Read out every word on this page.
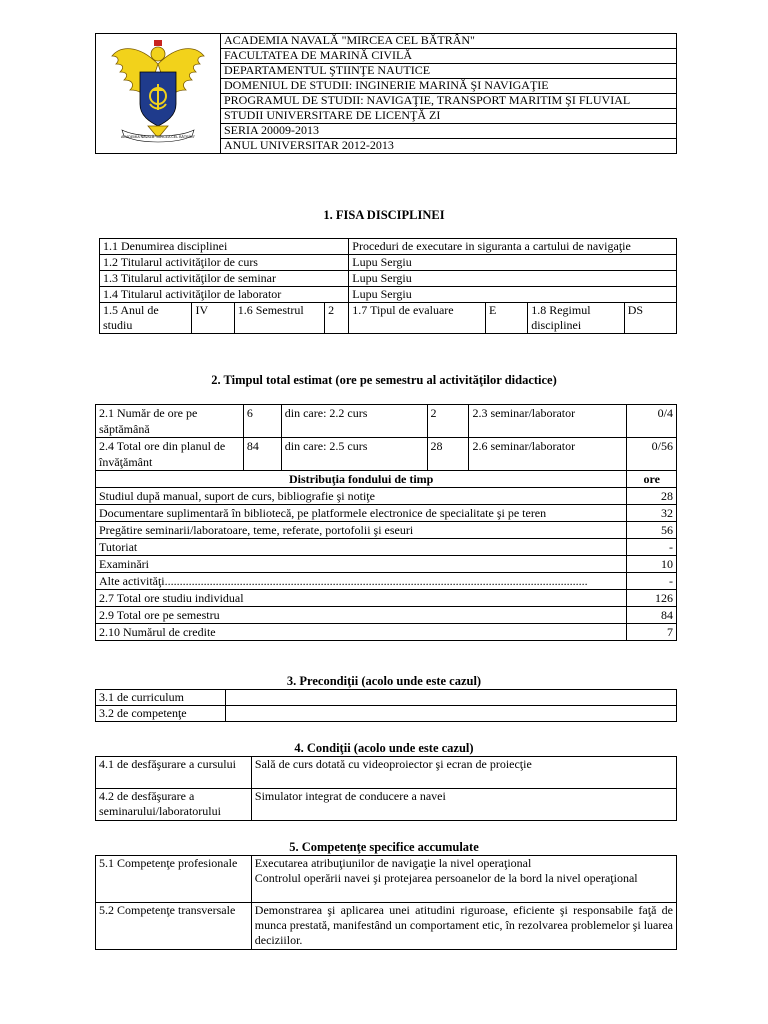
ACADEMIA NAVALĂ "MIRCEA CEL BĂTRÂN"
	ACADEMIA NAVALĂ "MIRCEA CEL BĂTRÂN"
FACULTATEA DE MARINĂ CIVILĂ
DEPARTAMENTUL ŞTIINŢE NAUTICE
DOMENIUL DE STUDII: INGINERIE MARINĂ ŞI NAVIGAŢIE
PROGRAMUL DE STUDII: NAVIGAŢIE, TRANSPORT MARITIM ŞI FLUVIAL
STUDII UNIVERSITARE DE LICENŢĂ ZI
SERIA 20009-2013
ANUL UNIVERSITAR 2012-2013
1. FISA DISCIPLINEI
1.1 Denumirea disciplinei				Proceduri de executare in siguranta a cartului de navigaţie			
1.2 Titularul activităţilor de curs				Lupu Sergiu			
1.3 Titularul activităţilor de seminar				Lupu Sergiu			
1.4 Titularul activităţilor de laborator				Lupu Sergiu			
1.5 Anul de studiu	IV	1.6 Semestrul	2	1.7 Tipul de evaluare	E	1.8 Regimul disciplinei	DS
2. Timpul total estimat (ore pe semestru al activităţilor didactice)
2.1 Număr de ore pe săptămână	6	din care: 2.2 curs	2	2.3 seminar/laborator	0/4
2.4 Total ore din planul de învăţământ	84	din care: 2.5 curs	28	2.6 seminar/laborator	0/56
Distribuţia fondului de timp					ore
Studiul după manual, suport de curs, bibliografie şi notiţe					28
Documentare suplimentară în bibliotecă, pe platformele electronice de specialitate şi pe teren					32
Pregătire seminarii/laboratoare, teme, referate, portofolii şi eseuri					56
Tutoriat					-
Examinări					10
Alte activităţi.............................................................................................................................................					-
2.7 Total ore studiu individual					126
2.9 Total ore pe semestru					84
2.10 Numărul de credite					7
3. Precondiţii (acolo unde este cazul)
3.1 de curriculum	
3.2 de competenţe	
4. Condiţii (acolo unde este cazul)
4.1 de desfăşurare a cursului	Sală de curs dotată cu videoproiector şi ecran de proiecţie
4.2 de desfăşurare a seminarului/laboratorului	Simulator integrat de conducere a navei
5. Competenţe specifice accumulate
5.1 Competenţe profesionale	Executarea atribuţiunilor de navigaţie la nivel operaţional
Controlul operării navei şi protejarea persoanelor de la bord la nivel operaţional

5.2 Competenţe transversale	Demonstrarea şi aplicarea unei atitudini riguroase, eficiente şi responsabile faţă de munca prestată, manifestând un comportament etic, în rezolvarea problemelor şi luarea deciziilor.
